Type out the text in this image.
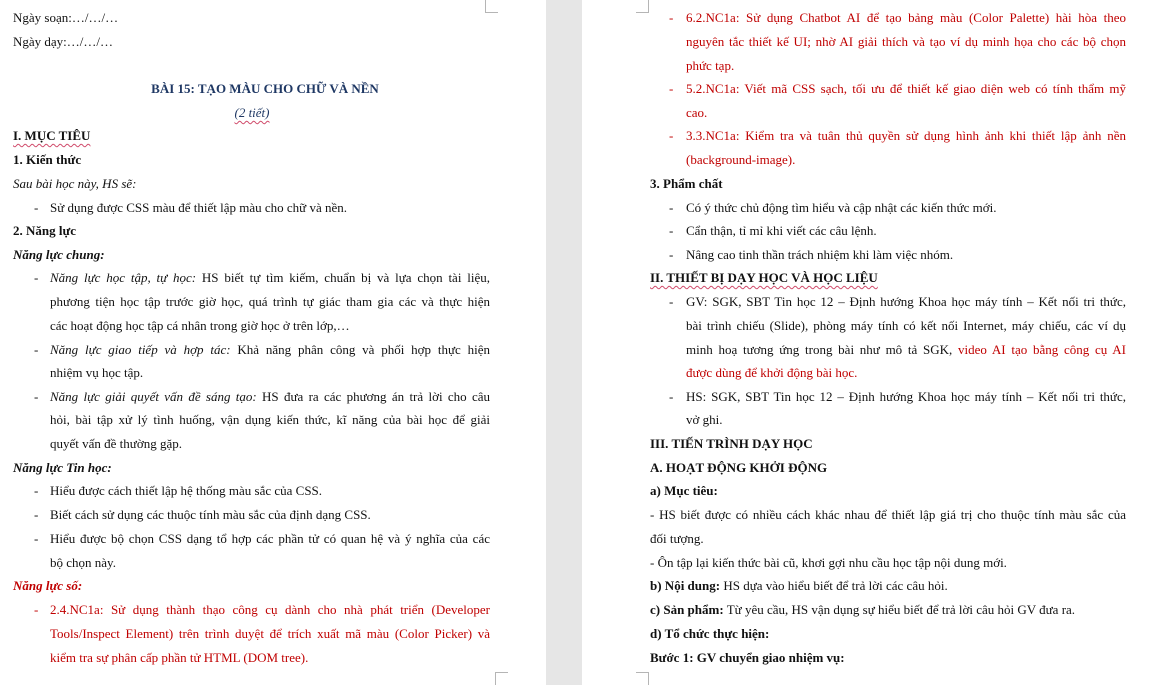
Ngày soạn:…/…/…
Ngày dạy:…/…/…
BÀI 15: TẠO MÀU CHO CHỮ VÀ NỀN
(2 tiết)
I. MỤC TIÊU
1. Kiến thức
Sau bài học này, HS sẽ:
- Sử dụng được CSS màu để thiết lập màu cho chữ và nền.
2. Năng lực
Năng lực chung:
- Năng lực học tập, tự học: HS biết tự tìm kiếm, chuẩn bị và lựa chọn tài liệu,
phương tiện học tập trước giờ học, quá trình tự giác tham gia các và thực hiện
các hoạt động học tập cá nhân trong giờ học ở trên lớp,…
- Năng lực giao tiếp và hợp tác: Khả năng phân công và phối hợp thực hiện
nhiệm vụ học tập.
- Năng lực giải quyết vấn đề sáng tạo: HS đưa ra các phương án trả lời cho câu
hỏi, bài tập xử lý tình huống, vận dụng kiến thức, kĩ năng của bài học để giải
quyết vấn đề thường gặp.
Năng lực Tin học:
- Hiểu được cách thiết lập hệ thống màu sắc của CSS.
- Biết cách sử dụng các thuộc tính màu sắc của định dạng CSS.
- Hiểu được bộ chọn CSS dạng tổ hợp các phần tử có quan hệ và ý nghĩa của các
bộ chọn này.
Năng lực số:
- 2.4.NC1a: Sử dụng thành thạo công cụ dành cho nhà phát triển (Developer
Tools/Inspect Element) trên trình duyệt để trích xuất mã màu (Color Picker) và
kiểm tra sự phân cấp phần tử HTML (DOM tree).
- 6.2.NC1a: Sử dụng Chatbot AI để tạo bảng màu (Color Palette) hài hòa theo
nguyên tắc thiết kế UI; nhờ AI giải thích và tạo ví dụ minh họa cho các bộ chọn
phức tạp.
- 5.2.NC1a: Viết mã CSS sạch, tối ưu để thiết kế giao diện web có tính thẩm mỹ
cao.
- 3.3.NC1a: Kiểm tra và tuân thủ quyền sử dụng hình ảnh khi thiết lập ảnh nền
(background-image).
3. Phẩm chất
- Có ý thức chủ động tìm hiểu và cập nhật các kiến thức mới.
- Cẩn thận, tỉ mỉ khi viết các câu lệnh.
- Nâng cao tinh thần trách nhiệm khi làm việc nhóm.
II. THIẾT BỊ DẠY HỌC VÀ HỌC LIỆU
- GV: SGK, SBT Tin học 12 – Định hướng Khoa học máy tính – Kết nối tri thức,
bài trình chiếu (Slide), phòng máy tính có kết nối Internet, máy chiếu, các ví dụ
minh hoạ tương ứng trong bài như mô tả SGK, video AI tạo bằng công cụ AI
được dùng để khởi động bài học.
- HS: SGK, SBT Tin học 12 – Định hướng Khoa học máy tính – Kết nối tri thức,
vở ghi.
III. TIẾN TRÌNH DẠY HỌC
A. HOẠT ĐỘNG KHỞI ĐỘNG
a) Mục tiêu:
- HS biết được có nhiều cách khác nhau để thiết lập giá trị cho thuộc tính màu sắc của
đối tượng.
- Ôn tập lại kiến thức bài cũ, khơi gợi nhu cầu học tập nội dung mới.
b) Nội dung: HS dựa vào hiểu biết để trả lời các câu hỏi.
c) Sản phẩm: Từ yêu cầu, HS vận dụng sự hiểu biết để trả lời câu hỏi GV đưa ra.
d) Tổ chức thực hiện:
Bước 1: GV chuyển giao nhiệm vụ:
